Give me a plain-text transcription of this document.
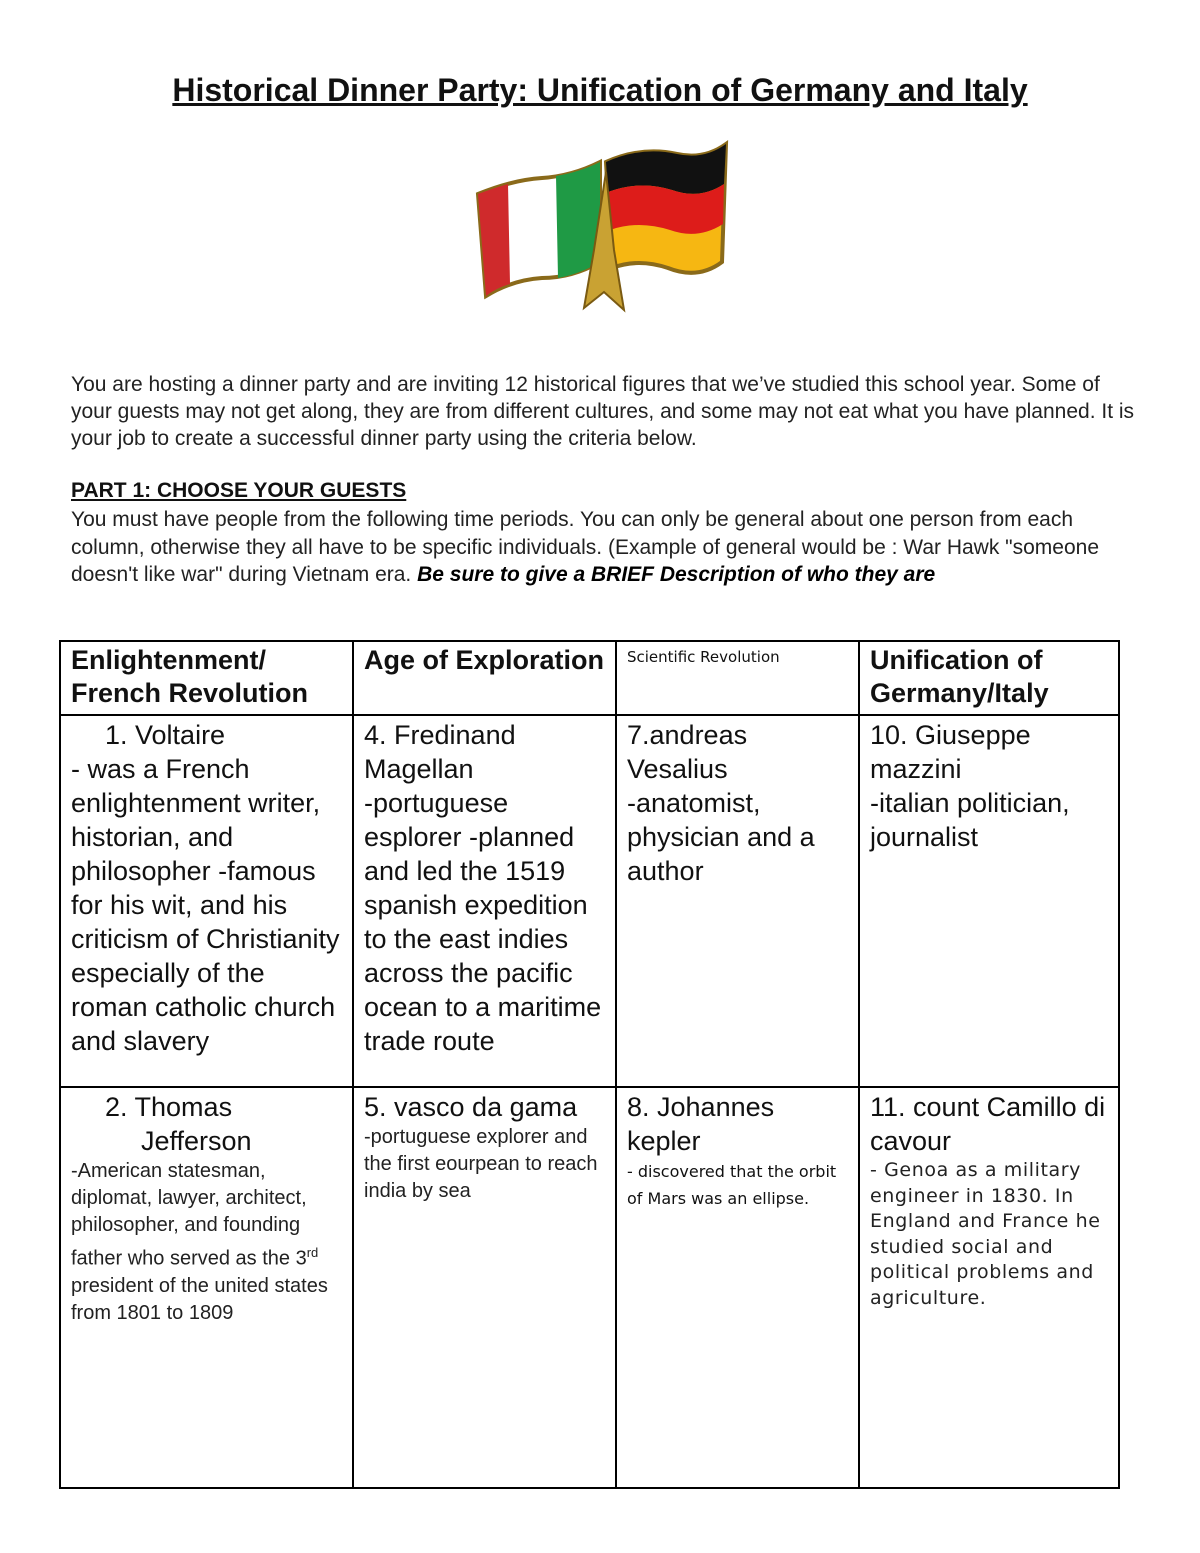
Historical Dinner Party: Unification of Germany and Italy

You are hosting a dinner party and are inviting 12 historical figures that we’ve studied this school year. Some of your guests may not get along, they are from different cultures, and some may not eat what you have planned. It is your job to create a successful dinner party using the criteria below.

PART 1: CHOOSE YOUR GUESTS

You must have people from the following time periods. You can only be general about one person from each column, otherwise they all have to be specific individuals. (Example of general would be : War Hawk "someone doesn't like war" during Vietnam era. Be sure to give a BRIEF Description of who they are

Enlightenment/ French Revolution	Age of Exploration	Scientific Revolution	Unification of Germany/Italy

1. Voltaire
- was a French enlightenment writer, historian, and philosopher -famous for his wit, and his criticism of Christianity especially of the roman catholic church and slavery	4. Fredinand Magellan
-portuguese esplorer -planned and led the 1519 spanish expedition to the east indies across the pacific ocean to a maritime trade route	7.andreas Vesalius
-anatomist, physician and a author	10. Giuseppe mazzini
-italian politician, journalist

2. Thomas
Jefferson
-American statesman, diplomat, lawyer, architect, philosopher, and founding father who served as the 3rd president of the united states from 1801 to 1809	5. vasco da gama
-portuguese explorer and the first eourpean to reach india by sea	8. Johannes kepler
- discovered that the orbit of Mars was an ellipse.	11. count Camillo di cavour
- Genoa as a military engineer in 1830. In England and France he studied social and political problems and agriculture.
